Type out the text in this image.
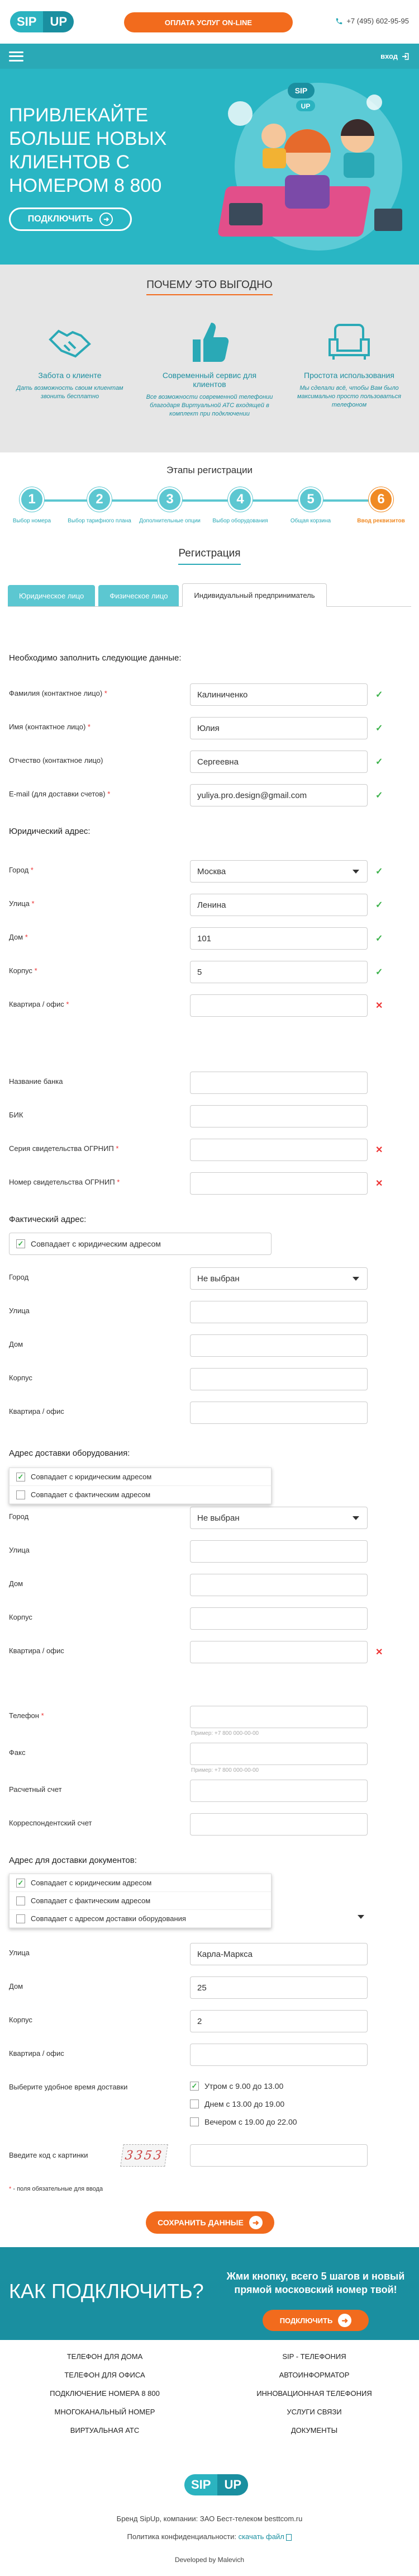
SIP	UP	ОПЛАТА УСЛУГ ON-LINE	+7 (495) 602-95-95
вход
ПРИВЛЕКАЙТЕ БОЛЬШЕ НОВЫХ КЛИЕНТОВ С НОМЕРОМ 8 800
ПОДКЛЮЧИТЬ	➜
SIP
UP
ПОЧЕМУ ЭТО ВЫГОДНО
Забота о клиенте

Дать возможность своим клиентам звонить бесплатно

Современный сервис для клиентов

Все возможности современной телефонии благодаря Виртуальной АТС входящей в комплект при подключении

Простота использования

Мы сделали всё, чтобы Вам было максимально просто пользоваться телефоном

Этапы регистрации
1
Выбор номера
2
Выбор тарифного плана
3
Дополнительные опции
4
Выбор оборудования
5
Общая корзина
6
Ввод реквизитов
Регистрация
Юридическое лицо	Физическое лицо	Индивидуальный предприниматель
Необходимо заполнить следующие данные:
Фамилия (контактное лицо) *	Калиниченко	✓
Имя (контактное лицо) *	Юлия	✓
Отчество (контактное лицо)	Сергеевна	✓
E-mail (для доставки счетов) *	yuliya.pro.design@gmail.com	✓
Юридический адрес:
Город *	Москва	✓
Улица *	Ленина	✓
Дом *	101	✓
Корпус *	5	✓
Квартира / офис *	✕
Название банка
БИК
Серия свидетельства ОГРНИП *	✕
Номер свидетельства ОГРНИП *	✕
Фактический адрес:
✓ Совпадает с юридическим адресом
Город	Не выбран
Улица
Дом
Корпус
Квартира / офис
Адрес доставки оборудования:
Город	Не выбран
✓ Совпадает с юридическим адресом
Совпадает с фактическим адресом
Улица
Дом
Корпус
Квартира / офис	✕
Телефон *
Пример: +7 800 000-00-00
Факс
Пример: +7 800 000-00-00
Расчетный счет
Корреспондентский счет
Адрес для доставки документов:
✓ Совпадает с юридическим адресом
Совпадает с фактическим адресом
Совпадает с адресом доставки оборудования
Улица	Карла-Маркса
Дом	25
Корпус	2
Квартира / офис
Выберите удобное время доставки	✓ Утром с 9.00 до 13.00
Днем с 13.00 до 19.00
Вечером с 19.00 до 22.00
Введите код с картинки	3353
* - поля обязательные для ввода
СОХРАНИТЬ ДАННЫЕ	➜
КАК ПОДКЛЮЧИТЬ?
Жми кнопку, всего 5 шагов и новый прямой московский номер твой!
ПОДКЛЮЧИТЬ	➜
ТЕЛЕФОН ДЛЯ ДОМА	SIP - ТЕЛЕФОНИЯ
ТЕЛЕФОН ДЛЯ ОФИСА	АВТОИНФОРМАТОР
ПОДКЛЮЧЕНИЕ НОМЕРА 8 800	ИННОВАЦИОННАЯ ТЕЛЕФОНИЯ
МНОГОКАНАЛЬНЫЙ НОМЕР	УСЛУГИ СВЯЗИ
ВИРТУАЛЬНАЯ АТС	ДОКУМЕНТЫ
SIP	UP
Бренд SipUp, компании: ЗАО Бест-телеком besttcom.ru
Политика конфиденциальности: скачать файл
Developed by Malevich
